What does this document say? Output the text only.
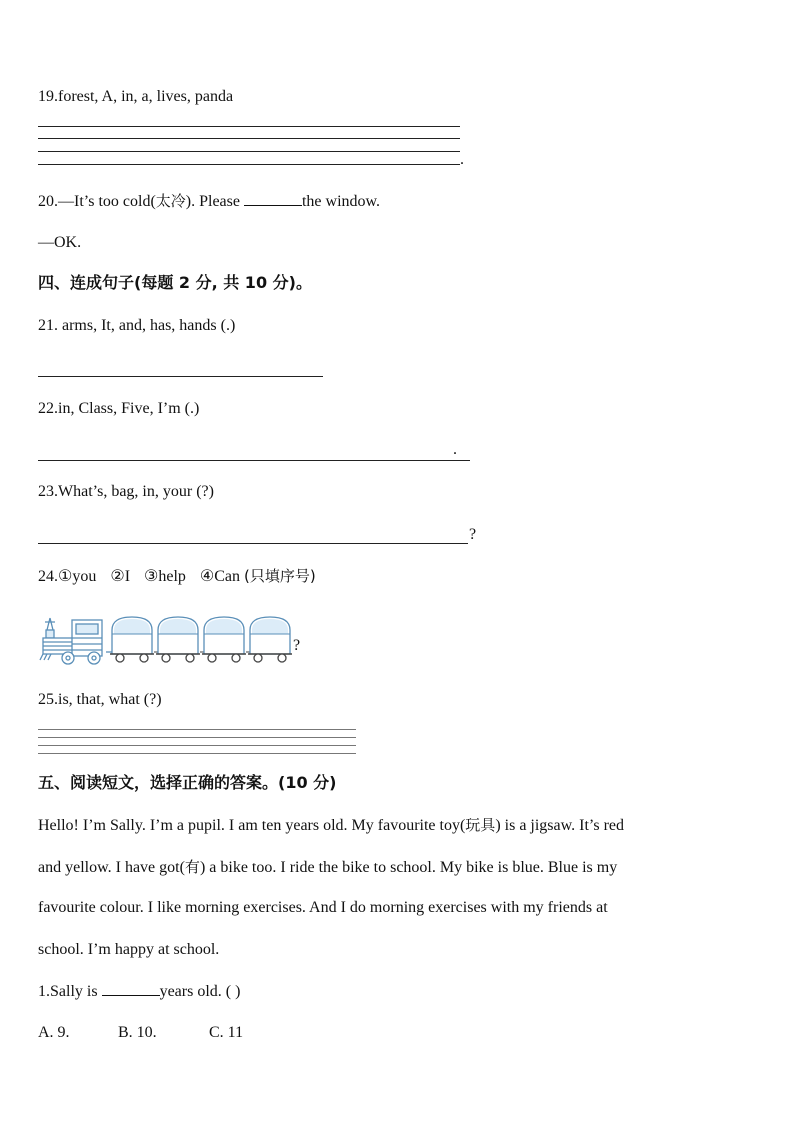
19.forest, A, in, a, lives, panda
.
20.—It’s too cold(太冷). Please	the window.
—OK.
四、连成句子(每题 2 分, 共 10 分)。
21. arms, It, and, has, hands (.)
22.in, Class, Five, I’m (.)
.
23.What’s, bag, in, your (?)
?
24.①you ②I ③help ④Can (只填序号)
?
25.is, that, what (?)
五、阅读短文，选择正确的答案。(10 分)
Hello! I’m Sally. I’m a pupil. I am ten years old. My favourite toy(玩具) is a jigsaw. It’s red
and yellow. I have got(有) a bike too. I ride the bike to school. My bike is blue. Blue is my
favourite colour. I like morning exercises. And I do morning exercises with my friends at
school. I’m happy at school.
1.Sally is	years old. ( )
A. 9.	B. 10.	C. 11
